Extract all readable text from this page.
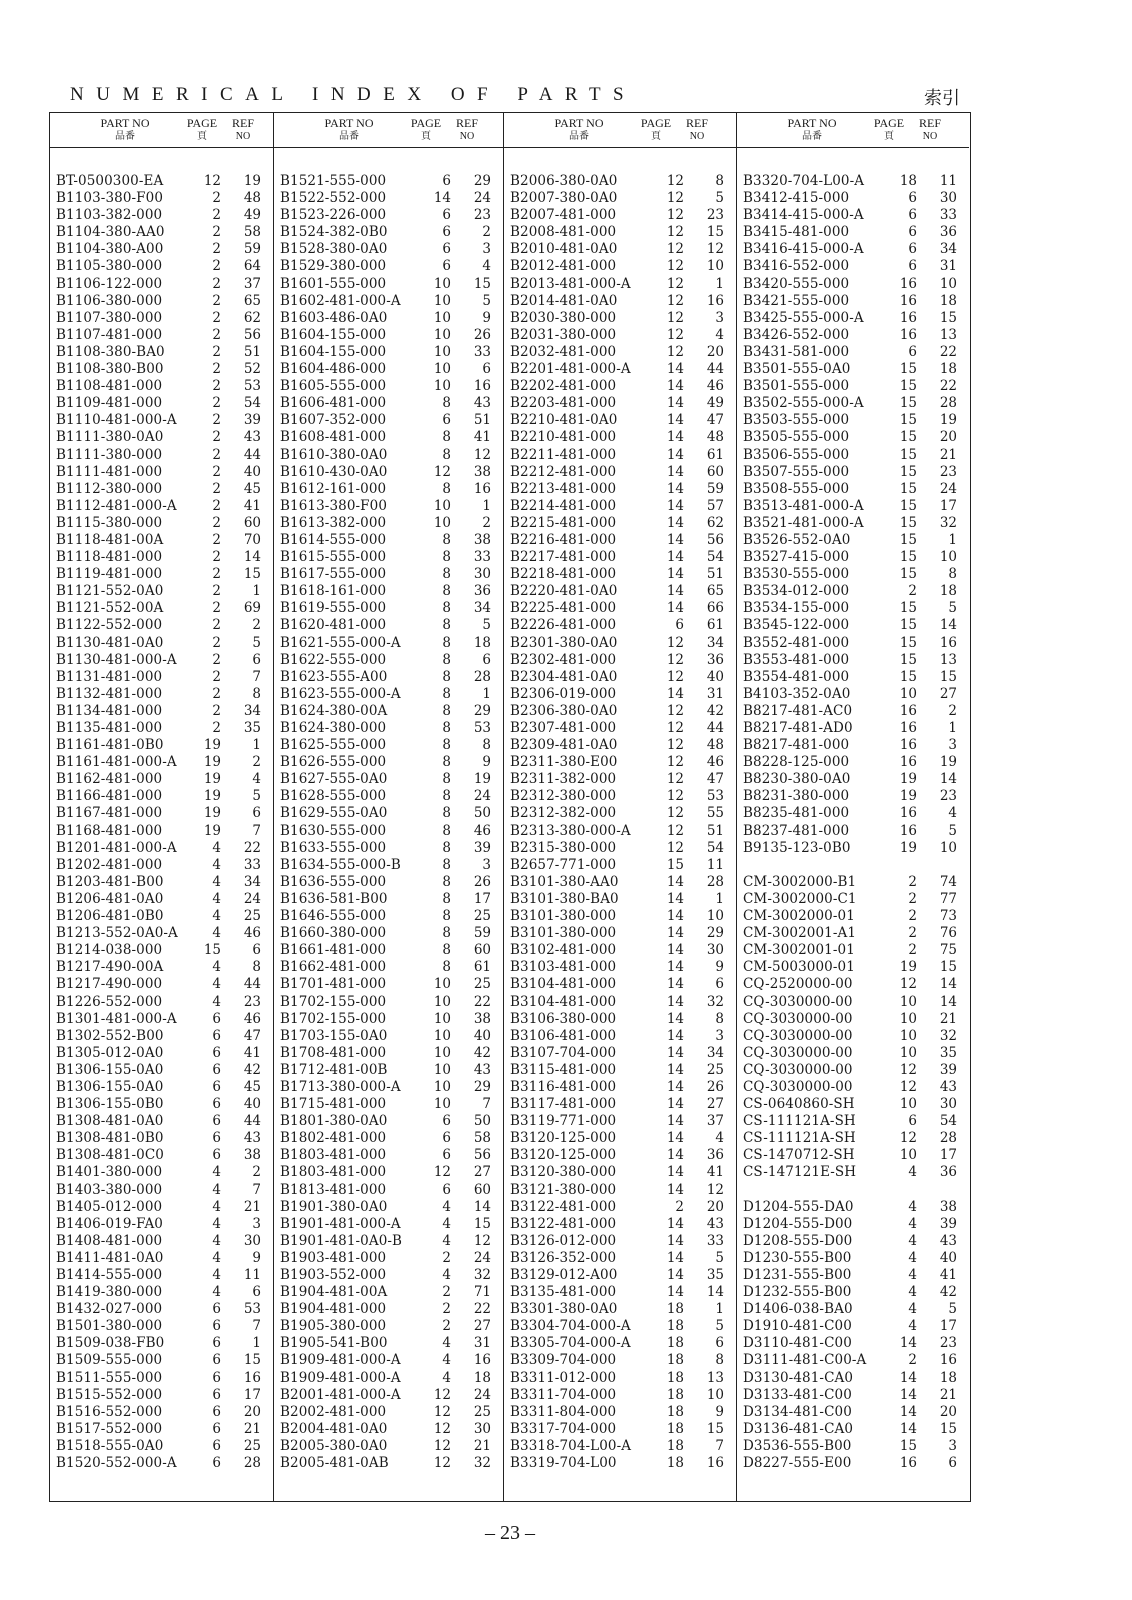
NUMERICAL INDEX OF PARTS	索引
PART NO
品番
PAGE
頁
REF
NO
BT-0500300-EA	12	19
B1103-380-F00	2	48
B1103-382-000	2	49
B1104-380-AA0	2	58
B1104-380-A00	2	59
B1105-380-000	2	64
B1106-122-000	2	37
B1106-380-000	2	65
B1107-380-000	2	62
B1107-481-000	2	56
B1108-380-BA0	2	51
B1108-380-B00	2	52
B1108-481-000	2	53
B1109-481-000	2	54
B1110-481-000-A	2	39
B1111-380-0A0	2	43
B1111-380-000	2	44
B1111-481-000	2	40
B1112-380-000	2	45
B1112-481-000-A	2	41
B1115-380-000	2	60
B1118-481-00A	2	70
B1118-481-000	2	14
B1119-481-000	2	15
B1121-552-0A0	2	1
B1121-552-00A	2	69
B1122-552-000	2	2
B1130-481-0A0	2	5
B1130-481-000-A	2	6
B1131-481-000	2	7
B1132-481-000	2	8
B1134-481-000	2	34
B1135-481-000	2	35
B1161-481-0B0	19	1
B1161-481-000-A	19	2
B1162-481-000	19	4
B1166-481-000	19	5
B1167-481-000	19	6
B1168-481-000	19	7
B1201-481-000-A	4	22
B1202-481-000	4	33
B1203-481-B00	4	34
B1206-481-0A0	4	24
B1206-481-0B0	4	25
B1213-552-0A0-A	4	46
B1214-038-000	15	6
B1217-490-00A	4	8
B1217-490-000	4	44
B1226-552-000	4	23
B1301-481-000-A	6	46
B1302-552-B00	6	47
B1305-012-0A0	6	41
B1306-155-0A0	6	42
B1306-155-0A0	6	45
B1306-155-0B0	6	40
B1308-481-0A0	6	44
B1308-481-0B0	6	43
B1308-481-0C0	6	38
B1401-380-000	4	2
B1403-380-000	4	7
B1405-012-000	4	21
B1406-019-FA0	4	3
B1408-481-000	4	30
B1411-481-0A0	4	9
B1414-555-000	4	11
B1419-380-000	4	6
B1432-027-000	6	53
B1501-380-000	6	7
B1509-038-FB0	6	1
B1509-555-000	6	15
B1511-555-000	6	16
B1515-552-000	6	17
B1516-552-000	6	20
B1517-552-000	6	21
B1518-555-0A0	6	25
B1520-552-000-A	6	28
PART NO
品番
PAGE
頁
REF
NO
B1521-555-000	6	29
B1522-552-000	14	24
B1523-226-000	6	23
B1524-382-0B0	6	2
B1528-380-0A0	6	3
B1529-380-000	6	4
B1601-555-000	10	15
B1602-481-000-A	10	5
B1603-486-0A0	10	9
B1604-155-000	10	26
B1604-155-000	10	33
B1604-486-000	10	6
B1605-555-000	10	16
B1606-481-000	8	43
B1607-352-000	6	51
B1608-481-000	8	41
B1610-380-0A0	8	12
B1610-430-0A0	12	38
B1612-161-000	8	16
B1613-380-F00	10	1
B1613-382-000	10	2
B1614-555-000	8	38
B1615-555-000	8	33
B1617-555-000	8	30
B1618-161-000	8	36
B1619-555-000	8	34
B1620-481-000	8	5
B1621-555-000-A	8	18
B1622-555-000	8	6
B1623-555-A00	8	28
B1623-555-000-A	8	1
B1624-380-00A	8	29
B1624-380-000	8	53
B1625-555-000	8	8
B1626-555-000	8	9
B1627-555-0A0	8	19
B1628-555-000	8	24
B1629-555-0A0	8	50
B1630-555-000	8	46
B1633-555-000	8	39
B1634-555-000-B	8	3
B1636-555-000	8	26
B1636-581-B00	8	17
B1646-555-000	8	25
B1660-380-000	8	59
B1661-481-000	8	60
B1662-481-000	8	61
B1701-481-000	10	25
B1702-155-000	10	22
B1702-155-000	10	38
B1703-155-0A0	10	40
B1708-481-000	10	42
B1712-481-00B	10	43
B1713-380-000-A	10	29
B1715-481-000	10	7
B1801-380-0A0	6	50
B1802-481-000	6	58
B1803-481-000	6	56
B1803-481-000	12	27
B1813-481-000	6	60
B1901-380-0A0	4	14
B1901-481-000-A	4	15
B1901-481-0A0-B	4	12
B1903-481-000	2	24
B1903-552-000	4	32
B1904-481-00A	2	71
B1904-481-000	2	22
B1905-380-000	2	27
B1905-541-B00	4	31
B1909-481-000-A	4	16
B1909-481-000-A	4	18
B2001-481-000-A	12	24
B2002-481-000	12	25
B2004-481-0A0	12	30
B2005-380-0A0	12	21
B2005-481-0AB	12	32
PART NO
品番
PAGE
頁
REF
NO
B2006-380-0A0	12	8
B2007-380-0A0	12	5
B2007-481-000	12	23
B2008-481-000	12	15
B2010-481-0A0	12	12
B2012-481-000	12	10
B2013-481-000-A	12	1
B2014-481-0A0	12	16
B2030-380-000	12	3
B2031-380-000	12	4
B2032-481-000	12	20
B2201-481-000-A	14	44
B2202-481-000	14	46
B2203-481-000	14	49
B2210-481-0A0	14	47
B2210-481-000	14	48
B2211-481-000	14	61
B2212-481-000	14	60
B2213-481-000	14	59
B2214-481-000	14	57
B2215-481-000	14	62
B2216-481-000	14	56
B2217-481-000	14	54
B2218-481-000	14	51
B2220-481-0A0	14	65
B2225-481-000	14	66
B2226-481-000	6	61
B2301-380-0A0	12	34
B2302-481-000	12	36
B2304-481-0A0	12	40
B2306-019-000	14	31
B2306-380-0A0	12	42
B2307-481-000	12	44
B2309-481-0A0	12	48
B2311-380-E00	12	46
B2311-382-000	12	47
B2312-380-000	12	53
B2312-382-000	12	55
B2313-380-000-A	12	51
B2315-380-000	12	54
B2657-771-000	15	11
B3101-380-AA0	14	28
B3101-380-BA0	14	1
B3101-380-000	14	10
B3101-380-000	14	29
B3102-481-000	14	30
B3103-481-000	14	9
B3104-481-000	14	6
B3104-481-000	14	32
B3106-380-000	14	8
B3106-481-000	14	3
B3107-704-000	14	34
B3115-481-000	14	25
B3116-481-000	14	26
B3117-481-000	14	27
B3119-771-000	14	37
B3120-125-000	14	4
B3120-125-000	14	36
B3120-380-000	14	41
B3121-380-000	14	12
B3122-481-000	2	20
B3122-481-000	14	43
B3126-012-000	14	33
B3126-352-000	14	5
B3129-012-A00	14	35
B3135-481-000	14	14
B3301-380-0A0	18	1
B3304-704-000-A	18	5
B3305-704-000-A	18	6
B3309-704-000	18	8
B3311-012-000	18	13
B3311-704-000	18	10
B3311-804-000	18	9
B3317-704-000	18	15
B3318-704-L00-A	18	7
B3319-704-L00	18	16
PART NO
品番
PAGE
頁
REF
NO
B3320-704-L00-A	18	11
B3412-415-000	6	30
B3414-415-000-A	6	33
B3415-481-000	6	36
B3416-415-000-A	6	34
B3416-552-000	6	31
B3420-555-000	16	10
B3421-555-000	16	18
B3425-555-000-A	16	15
B3426-552-000	16	13
B3431-581-000	6	22
B3501-555-0A0	15	18
B3501-555-000	15	22
B3502-555-000-A	15	28
B3503-555-000	15	19
B3505-555-000	15	20
B3506-555-000	15	21
B3507-555-000	15	23
B3508-555-000	15	24
B3513-481-000-A	15	17
B3521-481-000-A	15	32
B3526-552-0A0	15	1
B3527-415-000	15	10
B3530-555-000	15	8
B3534-012-000	2	18
B3534-155-000	15	5
B3545-122-000	15	14
B3552-481-000	15	16
B3553-481-000	15	13
B3554-481-000	15	15
B4103-352-0A0	10	27
B8217-481-AC0	16	2
B8217-481-AD0	16	1
B8217-481-000	16	3
B8228-125-000	16	19
B8230-380-0A0	19	14
B8231-380-000	19	23
B8235-481-000	16	4
B8237-481-000	16	5
B9135-123-0B0	19	10
CM-3002000-B1	2	74
CM-3002000-C1	2	77
CM-3002000-01	2	73
CM-3002001-A1	2	76
CM-3002001-01	2	75
CM-5003000-01	19	15
CQ-2520000-00	12	14
CQ-3030000-00	10	14
CQ-3030000-00	10	21
CQ-3030000-00	10	32
CQ-3030000-00	10	35
CQ-3030000-00	12	39
CQ-3030000-00	12	43
CS-0640860-SH	10	30
CS-111121A-SH	6	54
CS-111121A-SH	12	28
CS-1470712-SH	10	17
CS-147121E-SH	4	36
D1204-555-DA0	4	38
D1204-555-D00	4	39
D1208-555-D00	4	43
D1230-555-B00	4	40
D1231-555-B00	4	41
D1232-555-B00	4	42
D1406-038-BA0	4	5
D1910-481-C00	4	17
D3110-481-C00	14	23
D3111-481-C00-A	2	16
D3130-481-CA0	14	18
D3133-481-C00	14	21
D3134-481-C00	14	20
D3136-481-CA0	14	15
D3536-555-B00	15	3
D8227-555-E00	16	6
– 23 –
